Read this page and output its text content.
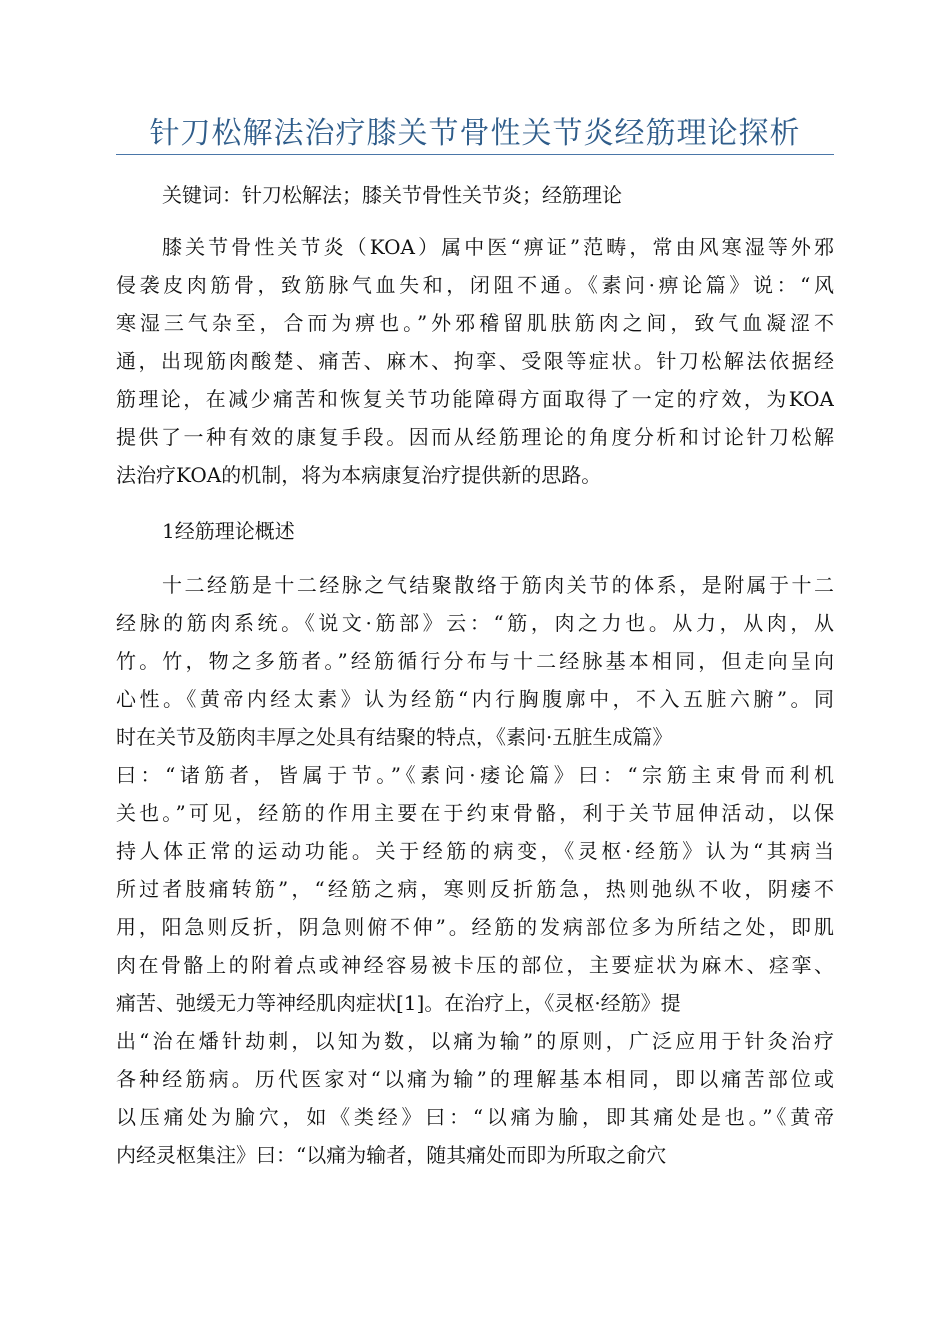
针刀松解法治疗膝关节骨性关节炎经筋理论探析
关键词：针刀松解法；膝关节骨性关节炎；经筋理论
膝关节骨性关节炎（KOA）属中医“痹证”范畴，常由风寒湿等外邪
侵袭皮肉筋骨，致筋脉气血失和，闭阻不通。《素问·痹论篇》说：“风
寒湿三气杂至，合而为痹也。”外邪稽留肌肤筋肉之间，致气血凝涩不
通，出现筋肉酸楚、痛苦、麻木、拘挛、受限等症状。针刀松解法依据经
筋理论，在减少痛苦和恢复关节功能障碍方面取得了一定的疗效，为KOA
提供了一种有效的康复手段。因而从经筋理论的角度分析和讨论针刀松解
法治疗KOA的机制，将为本病康复治疗提供新的思路。
1经筋理论概述
十二经筋是十二经脉之气结聚散络于筋肉关节的体系，是附属于十二
经脉的筋肉系统。《说文·筋部》云：“筋，肉之力也。从力，从肉，从
竹。竹，物之多筋者。”经筋循行分布与十二经脉基本相同，但走向呈向
心性。《黄帝内经太素》认为经筋“内行胸腹廓中，不入五脏六腑”。同
时在关节及筋肉丰厚之处具有结聚的特点，《素问·五脏生成篇》
曰：“诸筋者，皆属于节。”《素问·痿论篇》曰：“宗筋主束骨而利机
关也。”可见，经筋的作用主要在于约束骨骼，利于关节屈伸活动，以保
持人体正常的运动功能。关于经筋的病变，《灵枢·经筋》认为“其病当
所过者肢痛转筋”，“经筋之病，寒则反折筋急，热则弛纵不收，阴痿不
用，阳急则反折，阴急则俯不伸”。经筋的发病部位多为所结之处，即肌
肉在骨骼上的附着点或神经容易被卡压的部位，主要症状为麻木、痉挛、
痛苦、弛缓无力等神经肌肉症状[1]。在治疗上，《灵枢·经筋》提
出“治在燔针劫刺，以知为数，以痛为输”的原则，广泛应用于针灸治疗
各种经筋病。历代医家对“以痛为输”的理解基本相同，即以痛苦部位或
以压痛处为腧穴，如《类经》曰：“以痛为腧，即其痛处是也。”《黄帝
内经灵枢集注》曰：“以痛为输者，随其痛处而即为所取之俞穴
